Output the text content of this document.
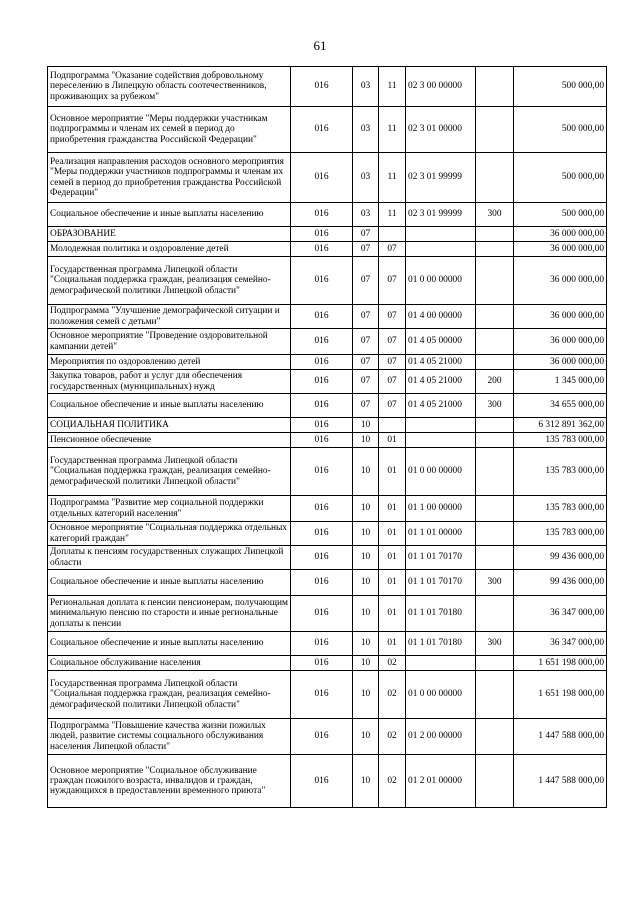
61
Подпрограмма "Оказание содействия добровольному переселению в Липецкую область соотечественников, проживающих за рубежом"	016	03	11	02 3 00 00000		500 000,00
Основное мероприятие "Меры поддержки участникам подпрограммы и членам их семей в период до приобретения гражданства Российской Федерации"	016	03	11	02 3 01 00000		500 000,00
Реализация направления расходов основного мероприятия "Меры поддержки участников подпрограммы и членам их семей в период до приобретения гражданства Российской Федерации"	016	03	11	02 3 01 99999		500 000,00
Социальное обеспечение и иные выплаты населению	016	03	11	02 3 01 99999	300	500 000,00
ОБРАЗОВАНИЕ	016	07				36 000 000,00
Молодежная политика и оздоровление детей	016	07	07			36 000 000,00
Государственная программа Липецкой области "Социальная поддержка граждан, реализация семейно-демографической политики Липецкой области"	016	07	07	01 0 00 00000		36 000 000,00
Подпрограмма "Улучшение демографической ситуации и положения семей с детьми"	016	07	07	01 4 00 00000		36 000 000,00
Основное мероприятие "Проведение оздоровительной кампании детей"	016	07	07	01 4 05 00000		36 000 000,00
Мероприятия по оздоровлению детей	016	07	07	01 4 05 21000		36 000 000,00
Закупка товаров, работ и услуг для обеспечения государственных (муниципальных) нужд	016	07	07	01 4 05 21000	200	1 345 000,00
Социальное обеспечение и иные выплаты населению	016	07	07	01 4 05 21000	300	34 655 000,00
СОЦИАЛЬНАЯ ПОЛИТИКА	016	10				6 312 891 362,00
Пенсионное обеспечение	016	10	01			135 783 000,00
Государственная программа Липецкой области "Социальная поддержка граждан, реализация семейно-демографической политики Липецкой области"	016	10	01	01 0 00 00000		135 783 000,00
Подпрограмма "Развитие мер социальной поддержки отдельных категорий населения"	016	10	01	01 1 00 00000		135 783 000,00
Основное мероприятие "Социальная поддержка отдельных категорий граждан"	016	10	01	01 1 01 00000		135 783 000,00
Доплаты к пенсиям государственных служащих Липецкой области	016	10	01	01 1 01 70170		99 436 000,00
Социальное обеспечение и иные выплаты населению	016	10	01	01 1 01 70170	300	99 436 000,00
Региональная доплата к пенсии пенсионерам, получающим минимальную пенсию по старости и иные региональные доплаты к пенсии	016	10	01	01 1 01 70180		36 347 000,00
Социальное обеспечение и иные выплаты населению	016	10	01	01 1 01 70180	300	36 347 000,00
Социальное обслуживание населения	016	10	02			1 651 198 000,00
Государственная программа Липецкой области "Социальная поддержка граждан, реализация семейно-демографической политики Липецкой области"	016	10	02	01 0 00 00000		1 651 198 000,00
Подпрограмма "Повышение качества жизни пожилых людей, развитие системы социального обслуживания населения Липецкой области"	016	10	02	01 2 00 00000		1 447 588 000,00
Основное мероприятие "Социальное обслуживание граждан пожилого возраста, инвалидов и граждан, нуждающихся в предоставлении временного приюта"	016	10	02	01 2 01 00000		1 447 588 000,00
